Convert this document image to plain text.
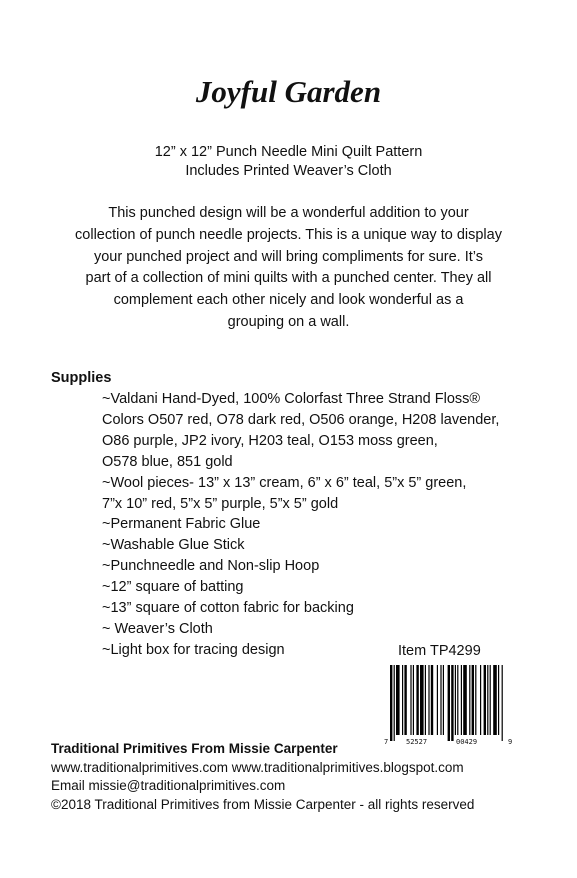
Joyful Garden
12” x 12” Punch Needle Mini Quilt Pattern
Includes Printed Weaver’s Cloth
This punched design will be a wonderful addition to your
collection of punch needle projects. This is a unique way to display
your punched project and will bring compliments for sure. It’s
part of a collection of mini quilts with a punched center. They all
complement each other nicely and look wonderful as a
grouping on a wall.
Supplies
~Valdani Hand-Dyed, 100% Colorfast Three Strand Floss®
Colors O507 red, O78 dark red, O506 orange, H208 lavender,
O86 purple, JP2 ivory, H203 teal, O153 moss green,
O578 blue, 851 gold
~Wool pieces- 13” x 13” cream, 6” x 6” teal, 5”x 5” green,
7”x 10” red, 5”x 5” purple, 5”x 5” gold
~Permanent Fabric Glue
~Washable Glue Stick
~Punchneedle and Non-slip Hoop
~12” square of batting
~13” square of cotton fabric for backing
~ Weaver’s Cloth
~Light box for tracing design	Item TP4299
7	52527	00429	9
Traditional Primitives From Missie Carpenter
www.traditionalprimitives.com www.traditionalprimitives.blogspot.com
Email missie@traditionalprimitives.com
©2018 Traditional Primitives from Missie Carpenter - all rights reserved
